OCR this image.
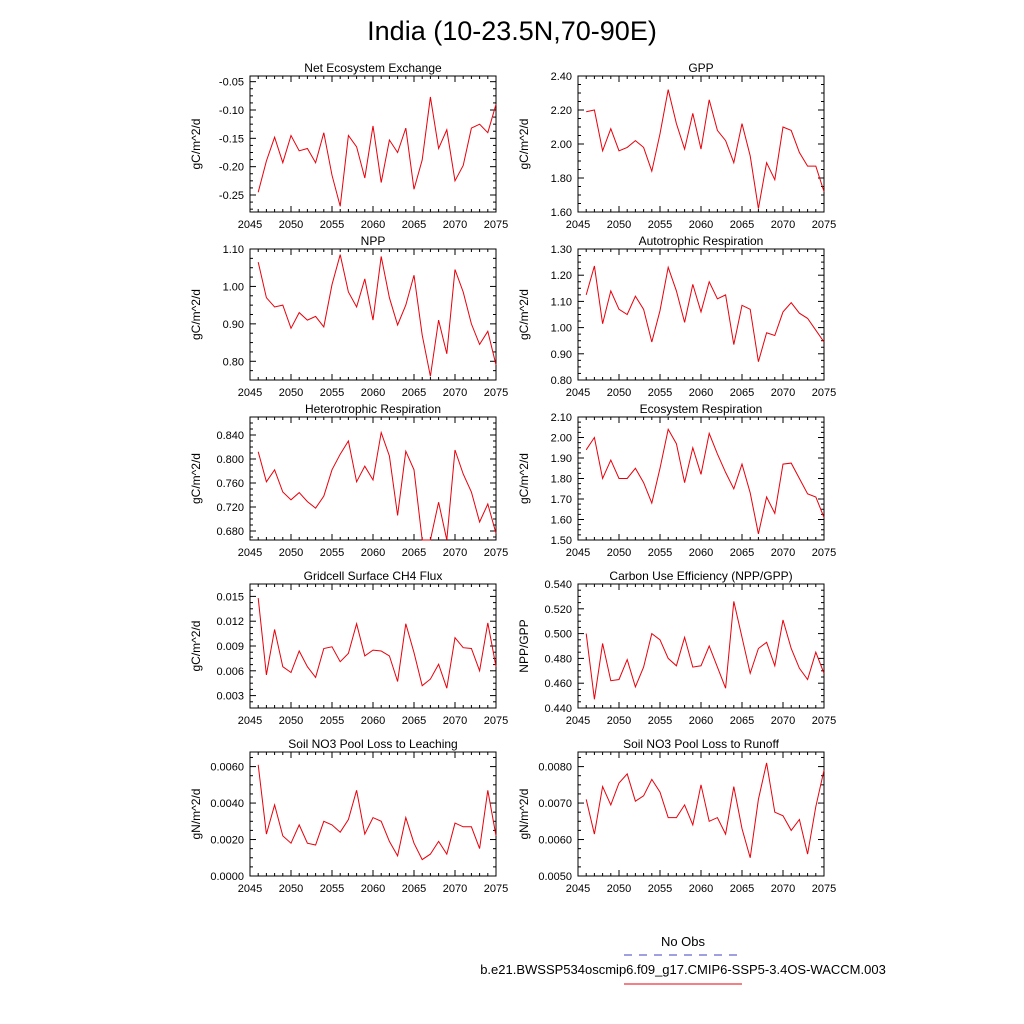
India (10-23.5N,70-90E)
Net Ecosystem Exchange
gC/m^2/d
2045 2050 2055 2060 2065 2070 2075
-0.25
-0.20
-0.15
-0.10
-0.05
GPP
gC/m^2/d
2045 2050 2055 2060 2065 2070 2075
1.60
1.80
2.00
2.20
2.40
NPP
gC/m^2/d
2045 2050 2055 2060 2065 2070 2075
0.80
0.90
1.00
1.10
Autotrophic Respiration
gC/m^2/d
2045 2050 2055 2060 2065 2070 2075
0.80
0.90
1.00
1.10
1.20
1.30
Heterotrophic Respiration
gC/m^2/d
2045 2050 2055 2060 2065 2070 2075
0.680
0.720
0.760
0.800
0.840
Ecosystem Respiration
gC/m^2/d
2045 2050 2055 2060 2065 2070 2075
1.50
1.60
1.70
1.80
1.90
2.00
2.10
Gridcell Surface CH4 Flux
gC/m^2/d
2045 2050 2055 2060 2065 2070 2075
0.003
0.006
0.009
0.012
0.015
Carbon Use Efficiency (NPP/GPP)
NPP/GPP
2045 2050 2055 2060 2065 2070 2075
0.440
0.460
0.480
0.500
0.520
0.540
Soil NO3 Pool Loss to Leaching
gN/m^2/d
2045 2050 2055 2060 2065 2070 2075
0.0000
0.0020
0.0040
0.0060
Soil NO3 Pool Loss to Runoff
gN/m^2/d
2045 2050 2055 2060 2065 2070 2075
0.0050
0.0060
0.0070
0.0080
No Obs
b.e21.BWSSP534oscmip6.f09_g17.CMIP6-SSP5-3.4OS-WACCM.003
